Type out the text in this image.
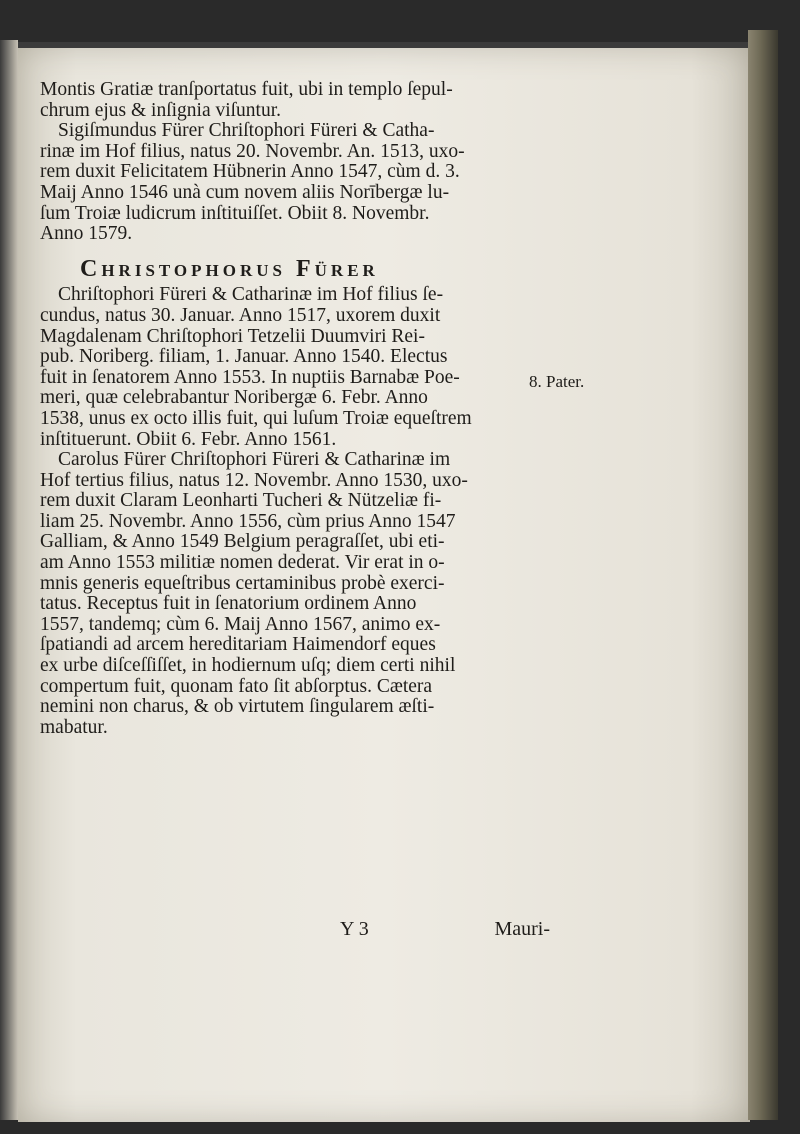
Montis Gratiæ tranſportatus fuit, ubi in templo ſepul-
chrum ejus & inſignia viſuntur.
Sigiſmundus Fürer Chriſtophori Füreri & Catha-
rinæ im Hof filius, natus 20. Novembr. An. 1513, uxo-
rem duxit Felicitatem Hübnerin Anno 1547, cùm d. 3.
Maij Anno 1546 unà cum novem aliis Norībergæ lu-
ſum Troiæ ludicrum inſtituiſſet. Obiit 8. Novembr.
Anno 1579.
Christophorus Fürer
Chriſtophori Füreri & Catharinæ im Hof filius ſe-
cundus, natus 30. Januar. Anno 1517, uxorem duxit
Magdalenam Chriſtophori Tetzelii Duumviri Rei-
pub. Noriberg. filiam, 1. Januar. Anno 1540. Electus
fuit in ſenatorem Anno 1553. In nuptiis Barnabæ Poe-
meri, quæ celebrabantur Noribergæ 6. Febr. Anno
1538, unus ex octo illis fuit, qui luſum Troiæ equeſtrem
inſtituerunt. Obiit 6. Febr. Anno 1561.
Carolus Fürer Chriſtophori Füreri & Catharinæ im
Hof tertius filius, natus 12. Novembr. Anno 1530, uxo-
rem duxit Claram Leonharti Tucheri & Nützeliæ fi-
liam 25. Novembr. Anno 1556, cùm prius Anno 1547
Galliam, & Anno 1549 Belgium peragraſſet, ubi eti-
am Anno 1553 militiæ nomen dederat. Vir erat in o-
mnis generis equeſtribus certaminibus probè exerci-
tatus. Receptus fuit in ſenatorium ordinem Anno
1557, tandemq; cùm 6. Maij Anno 1567, animo ex-
ſpatiandi ad arcem hereditariam Haimendorf eques
ex urbe diſceſſiſſet, in hodiernum uſq; diem certi nihil
compertum fuit, quonam fato ſit abſorptus. Cætera
nemini non charus, & ob virtutem ſingularem æſti-
mabatur.
8. Pater.
Y 3	Mauri-
